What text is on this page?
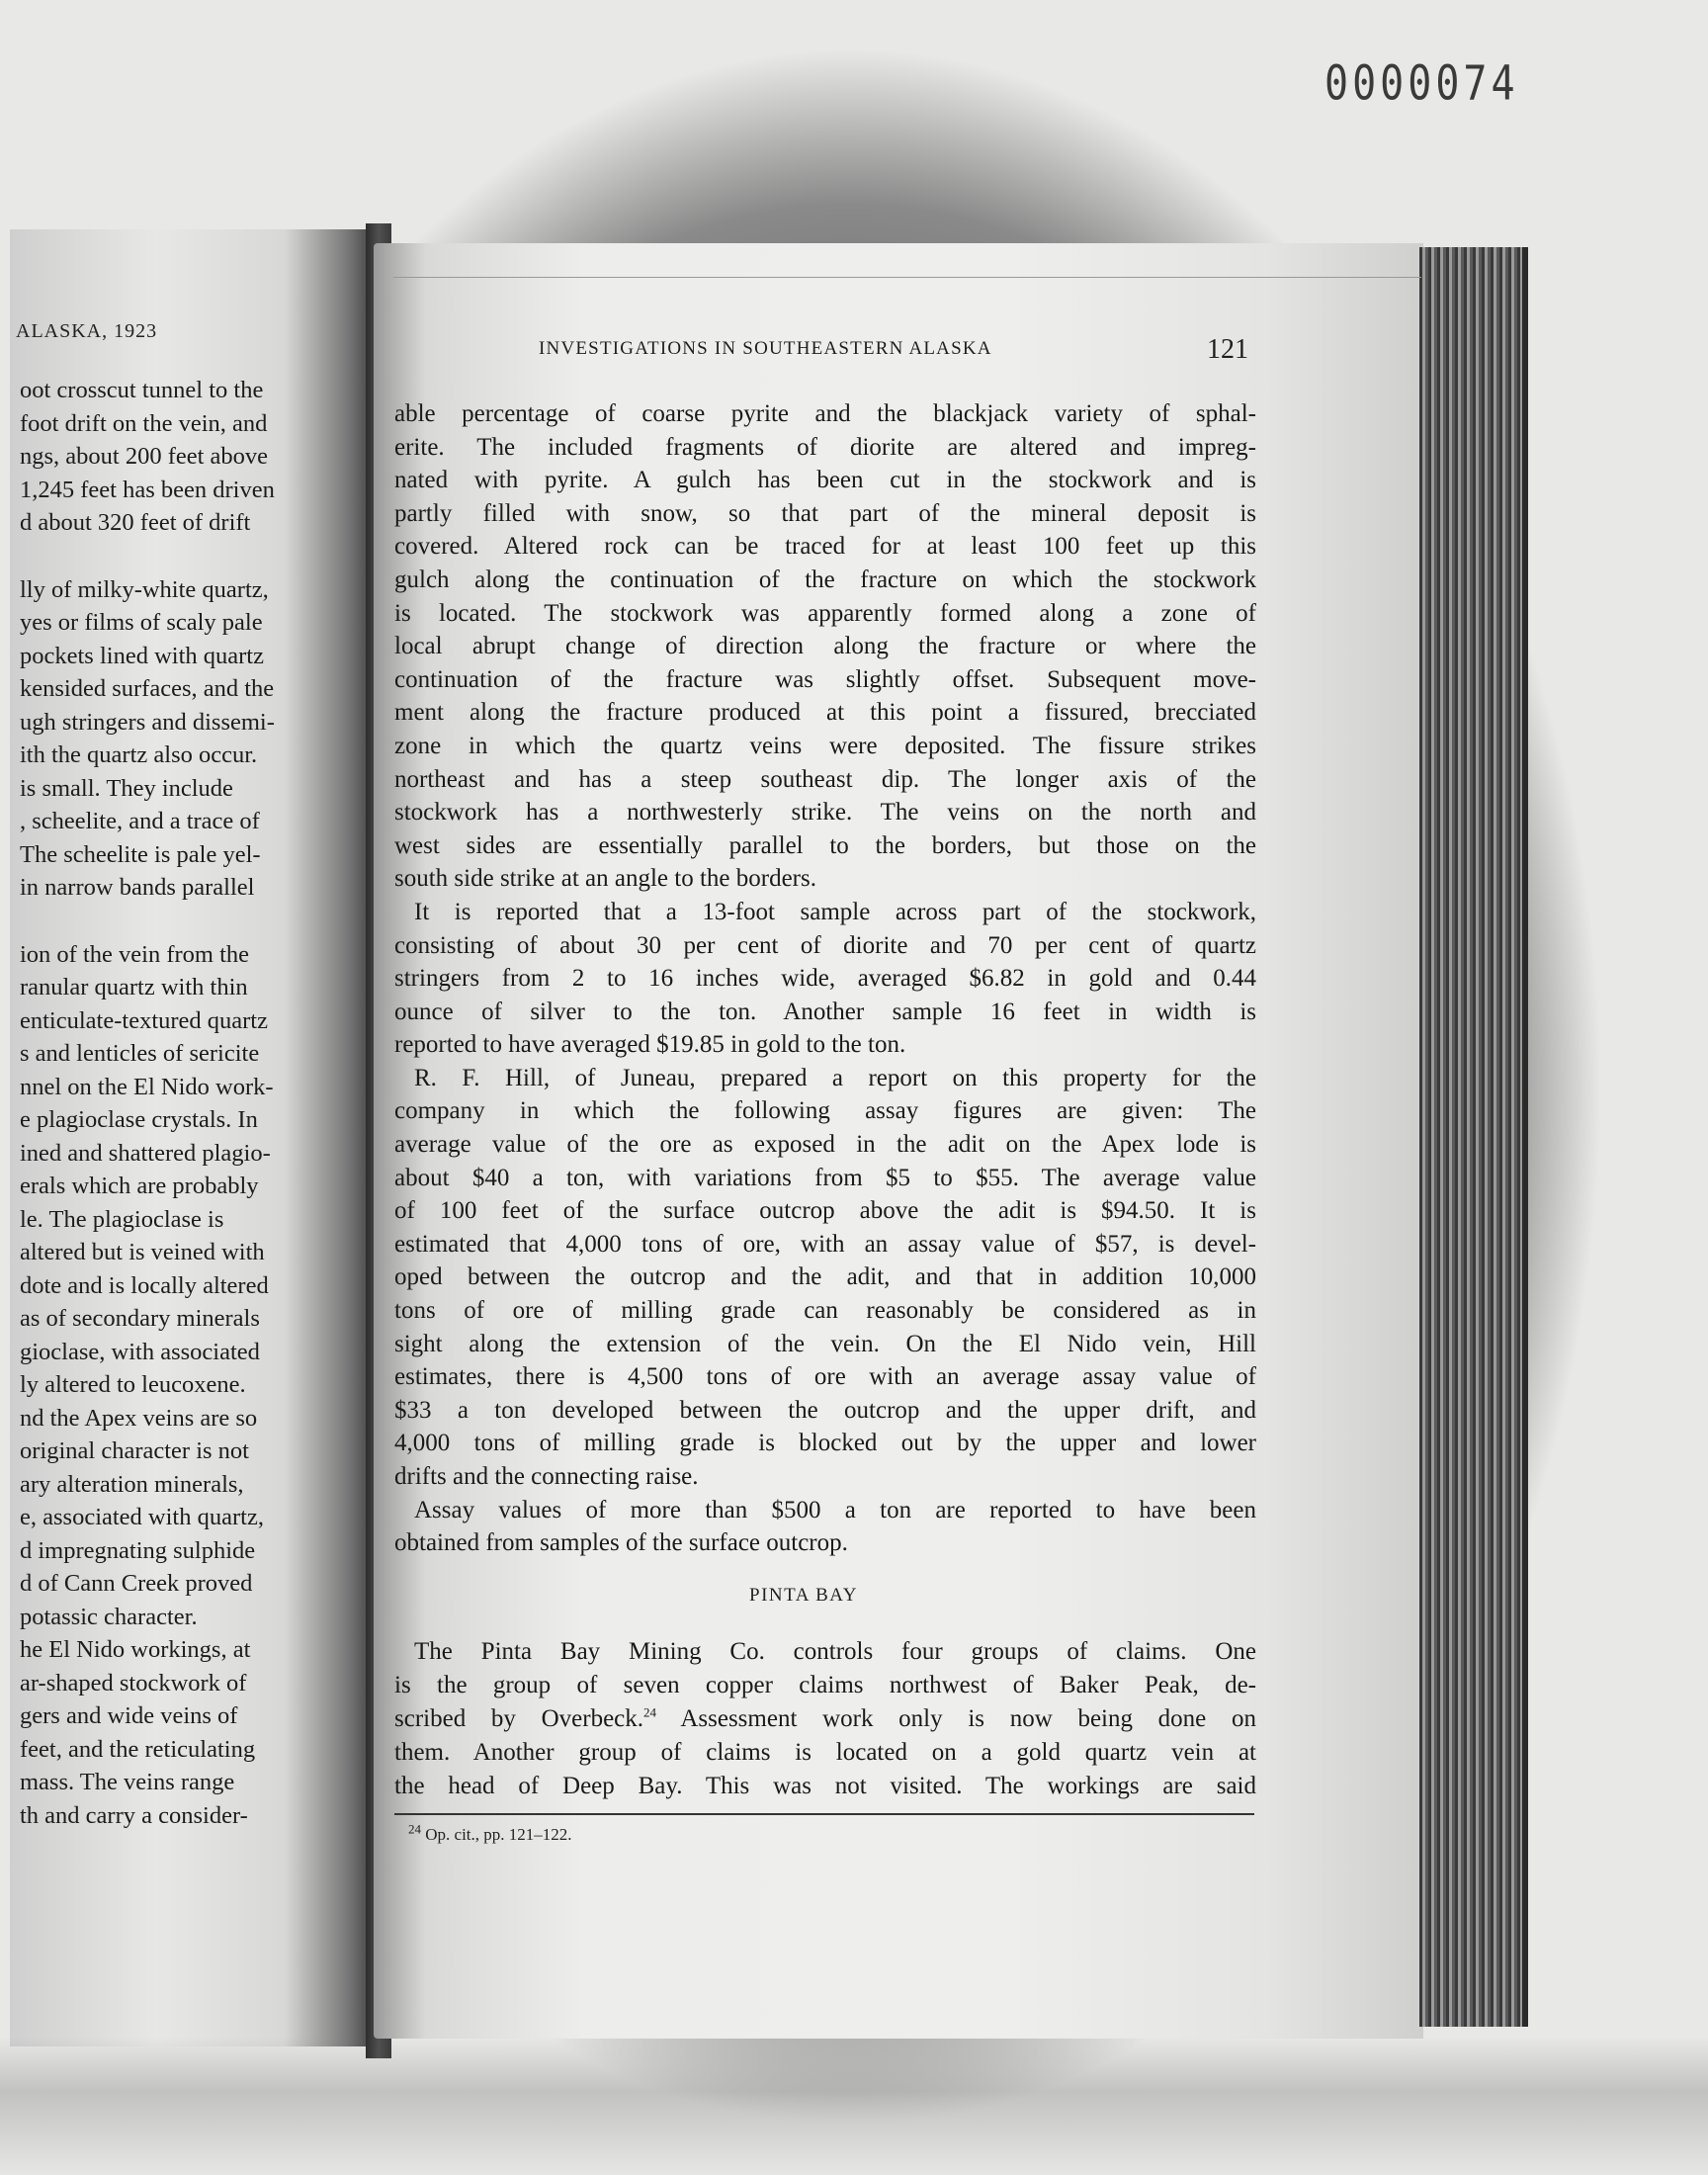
0000074
ALASKA, 1923
oot crosscut tunnel to the
foot drift on the vein, and
ngs, about 200 feet above
1,245 feet has been driven
d about 320 feet of drift
lly of milky-white quartz,
yes or films of scaly pale
pockets lined with quartz
kensided surfaces, and the
ugh stringers and dissemi-
ith the quartz also occur.
is small. They include
, scheelite, and a trace of
The scheelite is pale yel-
in narrow bands parallel
ion of the vein from the
ranular quartz with thin
enticulate-textured quartz
s and lenticles of sericite
nnel on the El Nido work-
e plagioclase crystals. In
ined and shattered plagio-
erals which are probably
le. The plagioclase is
altered but is veined with
dote and is locally altered
as of secondary minerals
gioclase, with associated
ly altered to leucoxene.
nd the Apex veins are so
original character is not
ary alteration minerals,
e, associated with quartz,
d impregnating sulphide
d of Cann Creek proved
potassic character.
he El Nido workings, at
ar-shaped stockwork of
gers and wide veins of
feet, and the reticulating
mass. The veins range
th and carry a consider-
INVESTIGATIONS IN SOUTHEASTERN ALASKA	121
able percentage of coarse pyrite and the blackjack variety of sphal-
erite. The included fragments of diorite are altered and impreg-
nated with pyrite. A gulch has been cut in the stockwork and is
partly filled with snow, so that part of the mineral deposit is
covered. Altered rock can be traced for at least 100 feet up this
gulch along the continuation of the fracture on which the stockwork
is located. The stockwork was apparently formed along a zone of
local abrupt change of direction along the fracture or where the
continuation of the fracture was slightly offset. Subsequent move-
ment along the fracture produced at this point a fissured, brecciated
zone in which the quartz veins were deposited. The fissure strikes
northeast and has a steep southeast dip. The longer axis of the
stockwork has a northwesterly strike. The veins on the north and
west sides are essentially parallel to the borders, but those on the
south side strike at an angle to the borders.
It is reported that a 13-foot sample across part of the stockwork,
consisting of about 30 per cent of diorite and 70 per cent of quartz
stringers from 2 to 16 inches wide, averaged $6.82 in gold and 0.44
ounce of silver to the ton. Another sample 16 feet in width is
reported to have averaged $19.85 in gold to the ton.
R. F. Hill, of Juneau, prepared a report on this property for the
company in which the following assay figures are given: The
average value of the ore as exposed in the adit on the Apex lode is
about $40 a ton, with variations from $5 to $55. The average value
of 100 feet of the surface outcrop above the adit is $94.50. It is
estimated that 4,000 tons of ore, with an assay value of $57, is devel-
oped between the outcrop and the adit, and that in addition 10,000
tons of ore of milling grade can reasonably be considered as in
sight along the extension of the vein. On the El Nido vein, Hill
estimates, there is 4,500 tons of ore with an average assay value of
$33 a ton developed between the outcrop and the upper drift, and
4,000 tons of milling grade is blocked out by the upper and lower
drifts and the connecting raise.
Assay values of more than $500 a ton are reported to have been
obtained from samples of the surface outcrop.
PINTA BAY
The Pinta Bay Mining Co. controls four groups of claims. One
is the group of seven copper claims northwest of Baker Peak, de-
scribed by Overbeck.$^{24}$ Assessment work only is now being done on
them. Another group of claims is located on a gold quartz vein at
the head of Deep Bay. This was not visited. The workings are said
$^{24}$ Op. cit., pp. 121–122.
